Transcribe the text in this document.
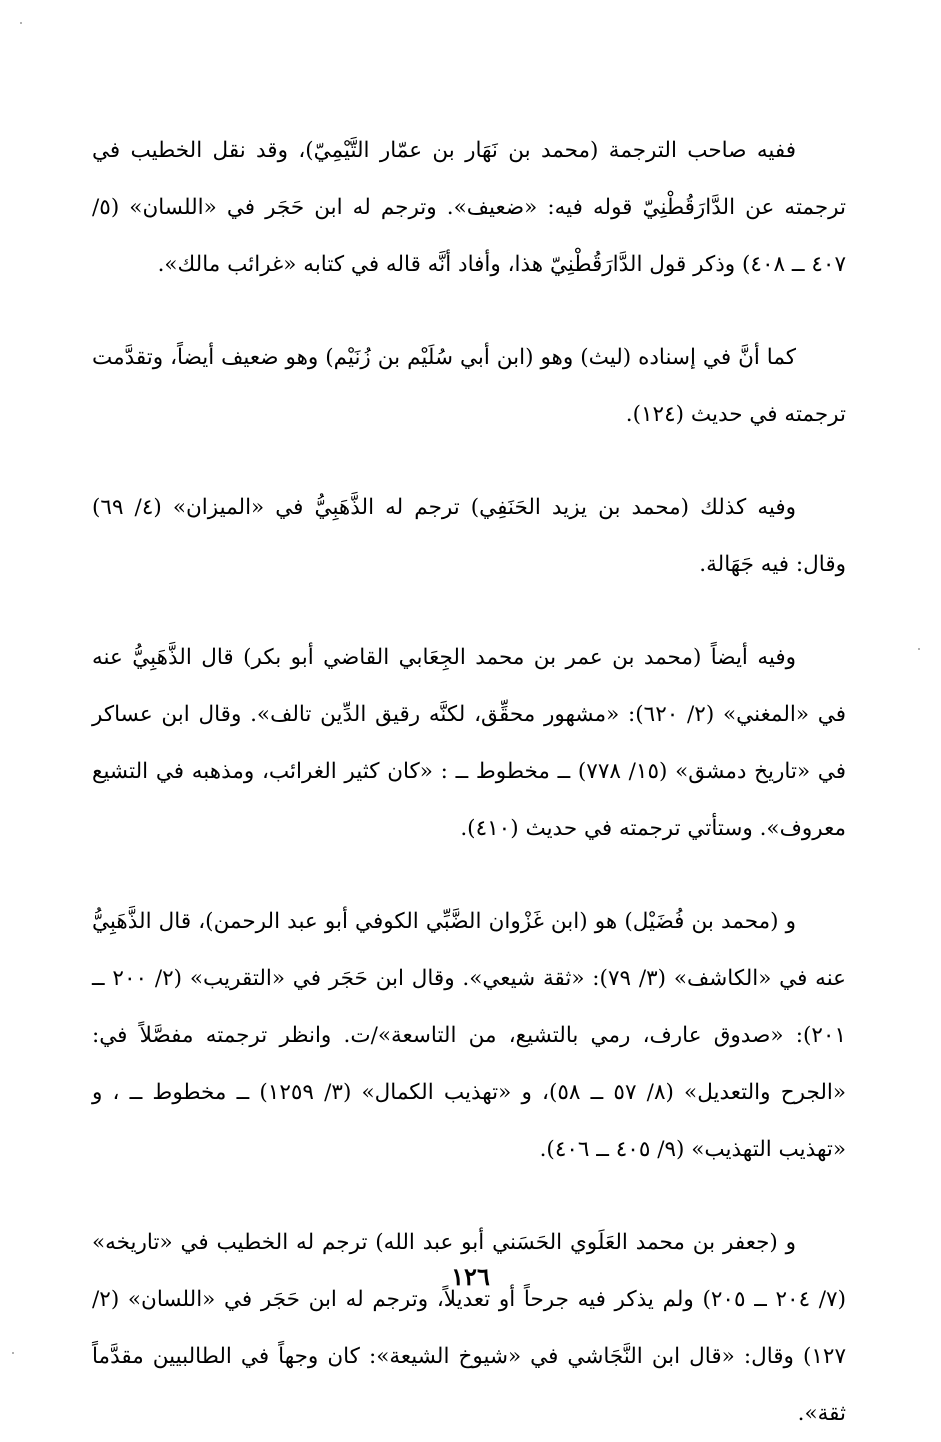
ففيه صاحب الترجمة (محمد بن نَهَار بن عمّار التَّيْمِيّ)، وقد نقل الخطيب في ترجمته عن الدَّارَقُطْنِيّ قوله فيه: «ضعيف». وترجم له ابن حَجَر في «اللسان» (٥/ ٤٠٧ ــ ٤٠٨) وذكر قول الدَّارَقُطْنِيّ هذا، وأفاد أنَّه قاله في كتابه «غرائب مالك».

كما أنَّ في إسناده (ليث) وهو (ابن أبي سُلَيْم بن زُنَيْم) وهو ضعيف أيضاً، وتقدَّمت ترجمته في حديث (١٢٤).

وفيه كذلك (محمد بن يزيد الحَنَفِي) ترجم له الذَّهَبِيُّ في «الميزان» (٤/ ٦٩) وقال: فيه جَهَالة.

وفيه أيضاً (محمد بن عمر بن محمد الجِعَابي القاضي أبو بكر) قال الذَّهَبِيُّ عنه في «المغني» (٢/ ٦٢٠): «مشهور محقِّق، لكنَّه رقيق الدِّين تالف». وقال ابن عساكر في «تاريخ دمشق» (١٥/ ٧٧٨) ــ مخطوط ــ : «كان كثير الغرائب، ومذهبه في التشيع معروف». وستأتي ترجمته في حديث (٤١٠).

و (محمد بن فُضَيْل) هو (ابن غَزْوان الضَّبِّي الكوفي أبو عبد الرحمن)، قال الذَّهَبِيُّ عنه في «الكاشف» (٣/ ٧٩): «ثقة شيعي». وقال ابن حَجَر في «التقريب» (٢/ ٢٠٠ ــ ٢٠١): «صدوق عارف، رمي بالتشيع، من التاسعة»/ت. وانظر ترجمته مفصَّلاً في: «الجرح والتعديل» (٨/ ٥٧ ــ ٥٨)، و «تهذيب الكمال» (٣/ ١٢٥٩) ــ مخطوط ــ ، و «تهذيب التهذيب» (٩/ ٤٠٥ ــ ٤٠٦).

و (جعفر بن محمد العَلَوي الحَسَني أبو عبد الله) ترجم له الخطيب في «تاريخه» (٧/ ٢٠٤ ــ ٢٠٥) ولم يذكر فيه جرحاً أو تعديلاً، وترجم له ابن حَجَر في «اللسان» (٢/ ١٢٧) وقال: «قال ابن النَّجَاشي في «شيوخ الشيعة»: كان وجهاً في الطالبيين مقدَّماً ثقة».

١٢٦
